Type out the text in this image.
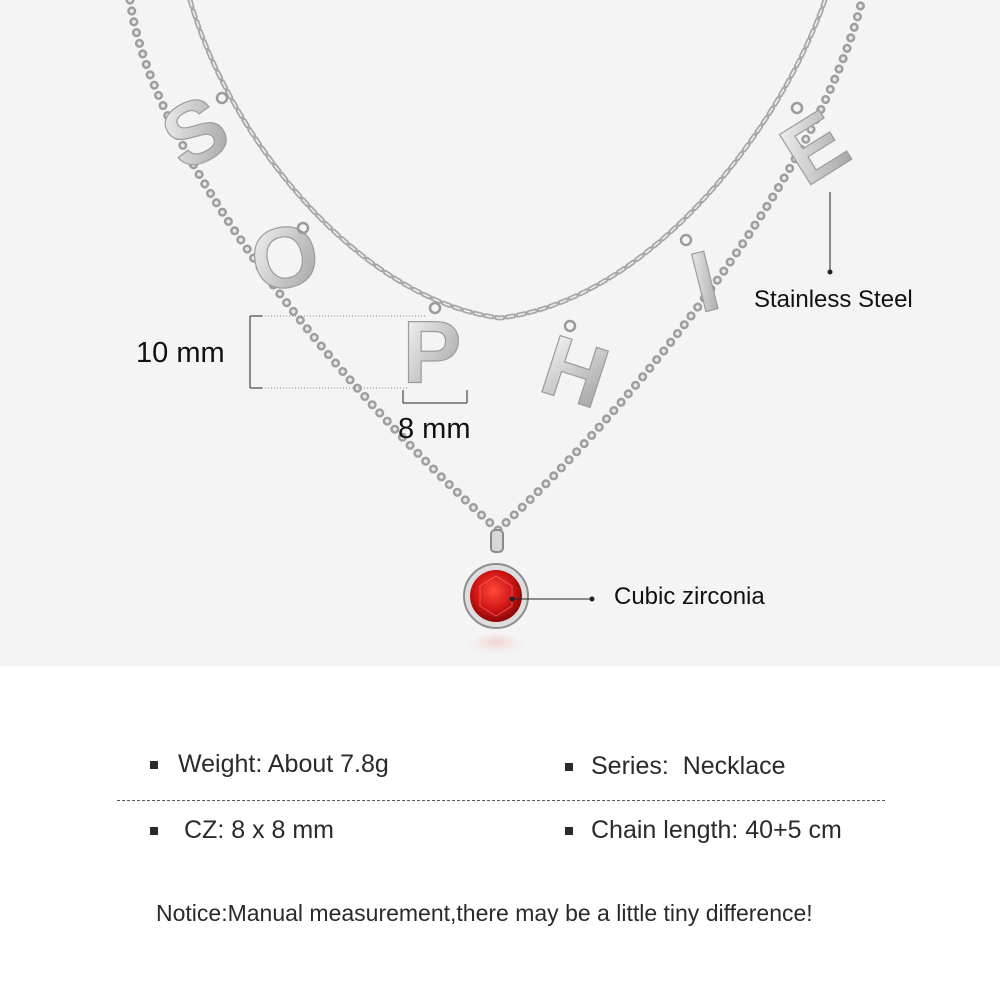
S
O
P H
I
E
Stainless Steel
Cubic zirconia
10 mm
8 mm
Weight: About 7.8g	Series:  Necklace
CZ: 8 x 8 mm	Chain length: 40+5 cm
Notice:Manual measurement,there may be a little tiny difference!
